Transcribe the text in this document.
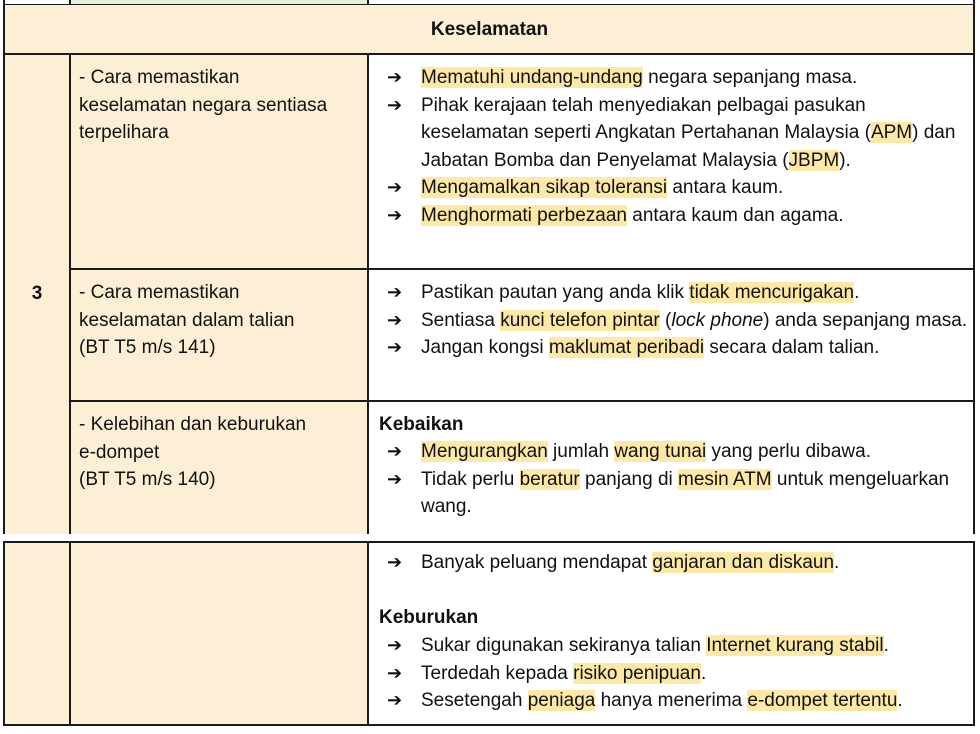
Keselamatan
3
- Cara memastikan
keselamatan negara sentiasa
terpelihara
➔ Mematuhi undang-undang negara sepanjang masa.
➔ Pihak kerajaan telah menyediakan pelbagai pasukan keselamatan seperti Angkatan Pertahanan Malaysia (APM) dan Jabatan Bomba dan Penyelamat Malaysia (JBPM).
➔ Mengamalkan sikap toleransi antara kaum.
➔ Menghormati perbezaan antara kaum dan agama.
- Cara memastikan
keselamatan dalam talian
(BT T5 m/s 141)
➔ Pastikan pautan yang anda klik tidak mencurigakan.
➔ Sentiasa kunci telefon pintar (lock phone) anda sepanjang masa.
➔ Jangan kongsi maklumat peribadi secara dalam talian.
- Kelebihan dan keburukan
e-dompet
(BT T5 m/s 140)
Kebaikan
➔ Mengurangkan jumlah wang tunai yang perlu dibawa.
➔ Tidak perlu beratur panjang di mesin ATM untuk mengeluarkan wang.
➔ Banyak peluang mendapat ganjaran dan diskaun.
Keburukan
➔ Sukar digunakan sekiranya talian Internet kurang stabil.
➔ Terdedah kepada risiko penipuan.
➔ Sesetengah peniaga hanya menerima e-dompet tertentu.
